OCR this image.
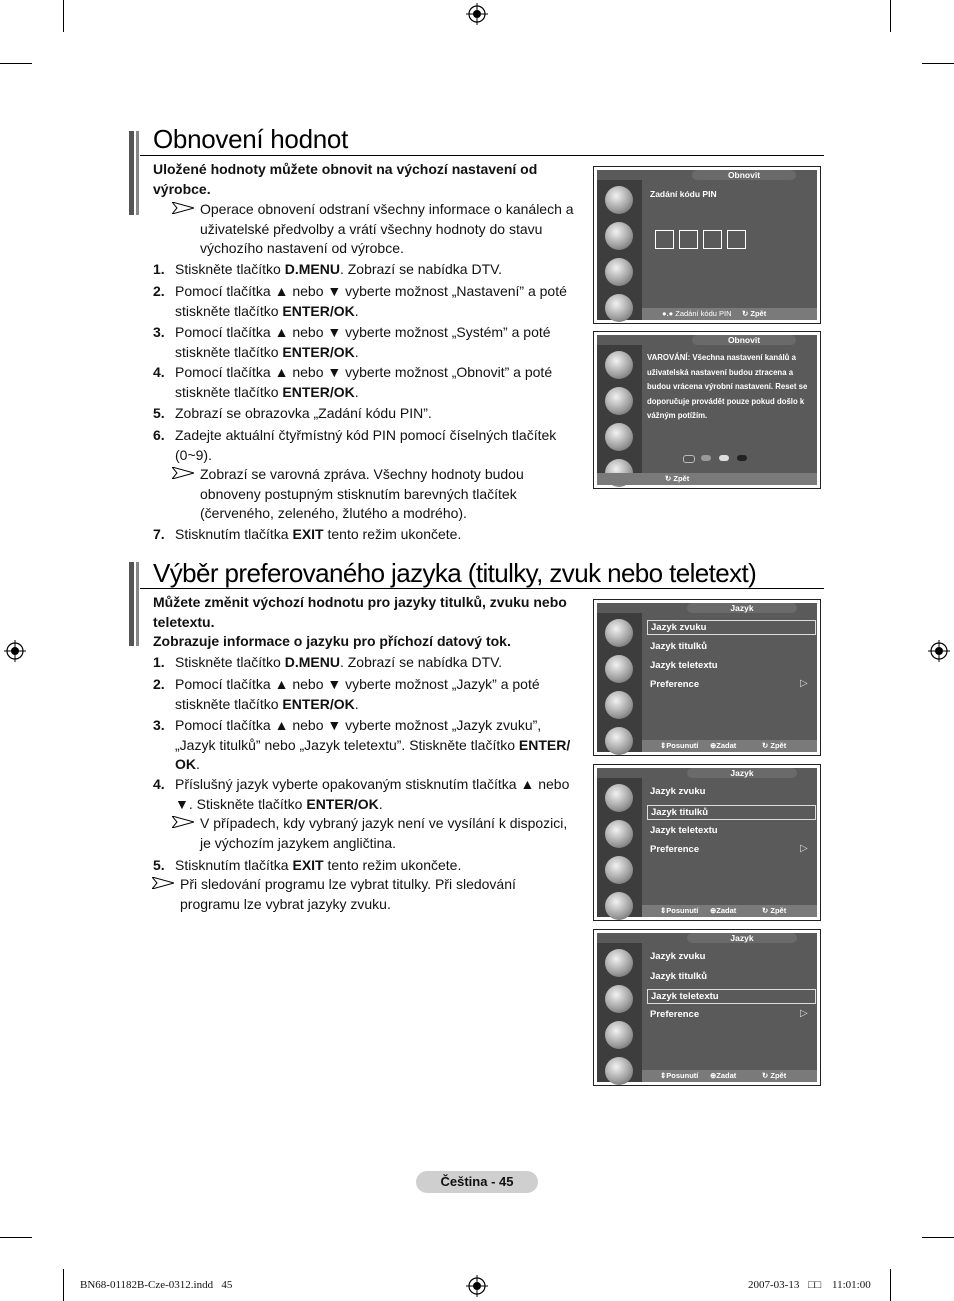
Obnovení hodnot
Uložené hodnoty můžete obnovit na výchozí nastavení od výrobce.
Operace obnovení odstraní všechny informace o kanálech a uživatelské předvolby a vrátí všechny hodnoty do stavu výchozího nastavení od výrobce.
1. Stiskněte tlačítko D.MENU. Zobrazí se nabídka DTV.
2. Pomocí tlačítka ▲ nebo ▼ vyberte možnost „Nastavení” a poté stiskněte tlačítko ENTER/OK.
3. Pomocí tlačítka ▲ nebo ▼ vyberte možnost „Systém” a poté stiskněte tlačítko ENTER/OK.
4. Pomocí tlačítka ▲ nebo ▼ vyberte možnost „Obnovit” a poté stiskněte tlačítko ENTER/OK.
5. Zobrazí se obrazovka „Zadání kódu PIN”.
6. Zadejte aktuální čtyřmístný kód PIN pomocí číselných tlačítek (0~9).
Zobrazí se varovná zpráva. Všechny hodnoty budou obnoveny postupným stisknutím barevných tlačítek (červeného, zeleného, žlutého a modrého).
7. Stisknutím tlačítka EXIT tento režim ukončete.
Obnovit
Zadání kódu PIN
●.● Zadání kódu PIN ↻ Zpět
Obnovit
VAROVÁNÍ: Všechna nastavení kanálů a uživatelská nastavení budou ztracena a budou vrácena výrobní nastavení. Reset se doporučuje provádět pouze pokud došlo k vážným potížím.
↻ Zpět
Výběr preferovaného jazyka (titulky, zvuk nebo teletext)
Můžete změnit výchozí hodnotu pro jazyky titulků, zvuku nebo teletextu.
Zobrazuje informace o jazyku pro příchozí datový tok.
1. Stiskněte tlačítko D.MENU. Zobrazí se nabídka DTV.
2. Pomocí tlačítka ▲ nebo ▼ vyberte možnost „Jazyk” a poté stiskněte tlačítko ENTER/OK.
3. Pomocí tlačítka ▲ nebo ▼ vyberte možnost „Jazyk zvuku”, „Jazyk titulků” nebo „Jazyk teletextu”. Stiskněte tlačítko ENTER/ OK.
4. Příslušný jazyk vyberte opakovaným stisknutím tlačítka ▲ nebo ▼. Stiskněte tlačítko ENTER/OK.
V případech, kdy vybraný jazyk není ve vysílání k dispozici, je výchozím jazykem angličtina.
5. Stisknutím tlačítka EXIT tento režim ukončete.
Při sledování programu lze vybrat titulky. Při sledování programu lze vybrat jazyky zvuku.
Jazyk
Jazyk zvuku
Jazyk titulků
Jazyk teletextu
Preference	▷
⇕Posunutí ⊕Zadat	↻ Zpět
Jazyk
Jazyk zvuku
Jazyk titulků
Jazyk teletextu
Preference	▷
⇕Posunutí ⊕Zadat	↻ Zpět
Jazyk
Jazyk zvuku
Jazyk titulků
Jazyk teletextu
Preference	▷
⇕Posunutí ⊕Zadat	↻ Zpět
Čeština - 45
BN68-01182B-Cze-0312.indd   45	2007-03-13 □□ 11:01:00
